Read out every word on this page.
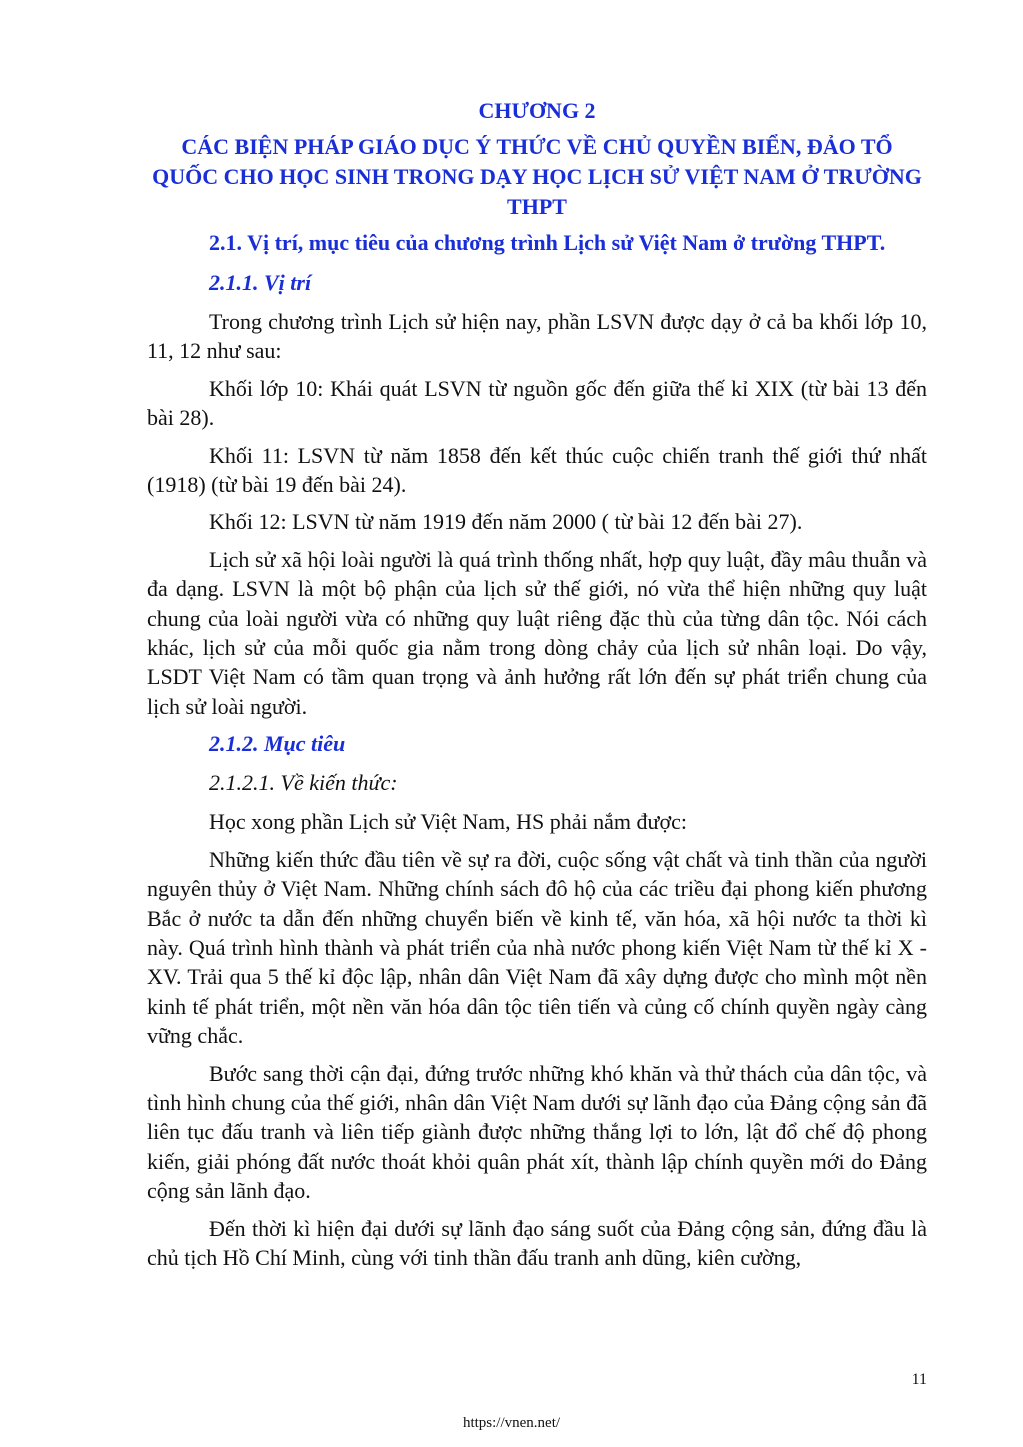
CHƯƠNG 2
CÁC BIỆN PHÁP GIÁO DỤC Ý THỨC VỀ CHỦ QUYỀN BIỂN, ĐẢO TỔ QUỐC CHO HỌC SINH TRONG DẠY HỌC LỊCH SỬ VIỆT NAM Ở TRƯỜNG THPT
2.1. Vị trí, mục tiêu của chương trình Lịch sử Việt Nam ở trường THPT.
2.1.1. Vị trí

Trong chương trình Lịch sử hiện nay, phần LSVN được dạy ở cả ba khối lớp 10, 11, 12 như sau:

Khối lớp 10: Khái quát LSVN từ nguồn gốc đến giữa thế kỉ XIX (từ bài 13 đến bài 28).

Khối 11: LSVN từ năm 1858 đến kết thúc cuộc chiến tranh thế giới thứ nhất (1918) (từ bài 19 đến bài 24).

Khối 12: LSVN từ năm 1919 đến năm 2000 ( từ bài 12 đến bài 27).

Lịch sử xã hội loài người là quá trình thống nhất, hợp quy luật, đầy mâu thuẫn và đa dạng. LSVN là một bộ phận của lịch sử thế giới, nó vừa thể hiện những quy luật chung của loài người vừa có những quy luật riêng đặc thù của từng dân tộc. Nói cách khác, lịch sử của mỗi quốc gia nằm trong dòng chảy của lịch sử nhân loại. Do vậy, LSDT Việt Nam có tầm quan trọng và ảnh hưởng rất lớn đến sự phát triển chung của lịch sử loài người.

2.1.2. Mục tiêu
2.1.2.1. Về kiến thức:

Học xong phần Lịch sử Việt Nam, HS phải nắm được:

Những kiến thức đầu tiên về sự ra đời, cuộc sống vật chất và tinh thần của người nguyên thủy ở Việt Nam. Những chính sách đô hộ của các triều đại phong kiến phương Bắc ở nước ta dẫn đến những chuyển biến về kinh tế, văn hóa, xã hội nước ta thời kì này. Quá trình hình thành và phát triển của nhà nước phong kiến Việt Nam từ thế kỉ X - XV. Trải qua 5 thế kỉ độc lập, nhân dân Việt Nam đã xây dựng được cho mình một nền kinh tế phát triển, một nền văn hóa dân tộc tiên tiến và củng cố chính quyền ngày càng vững chắc.

Bước sang thời cận đại, đứng trước những khó khăn và thử thách của dân tộc, và tình hình chung của thế giới, nhân dân Việt Nam dưới sự lãnh đạo của Đảng cộng sản đã liên tục đấu tranh và liên tiếp giành được những thắng lợi to lớn, lật đổ chế độ phong kiến, giải phóng đất nước thoát khỏi quân phát xít, thành lập chính quyền mới do Đảng cộng sản lãnh đạo.

Đến thời kì hiện đại dưới sự lãnh đạo sáng suốt của Đảng cộng sản, đứng đầu là chủ tịch Hồ Chí Minh, cùng với tinh thần đấu tranh anh dũng, kiên cường,

11
https://vnen.net/
